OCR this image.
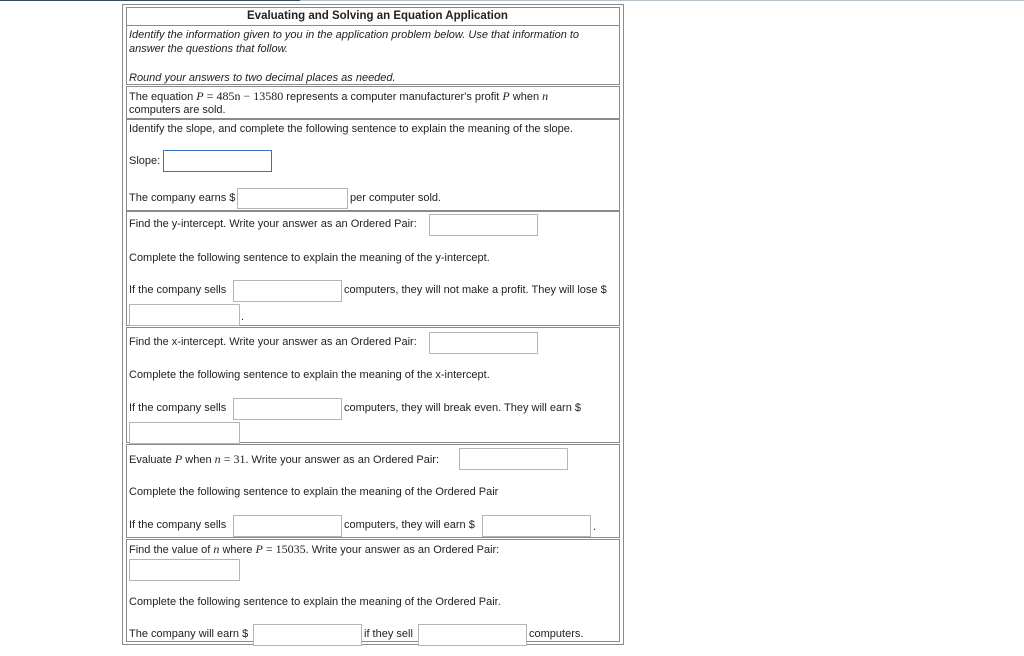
Evaluating and Solving an Equation Application
Identify the information given to you in the application problem below. Use that information to answer the questions that follow.
Round your answers to two decimal places as needed.
The equation P = 485n − 13580 represents a computer manufacturer's profit P when n
computers are sold.
Identify the slope, and complete the following sentence to explain the meaning of the slope.
Slope:
The company earns $	per computer sold.
Find the y-intercept. Write your answer as an Ordered Pair:
Complete the following sentence to explain the meaning of the y-intercept.
If the company sells	computers, they will not make a profit. They will lose $
.
Find the x-intercept. Write your answer as an Ordered Pair:
Complete the following sentence to explain the meaning of the x-intercept.
If the company sells	computers, they will break even. They will earn $
Evaluate P when n = 31. Write your answer as an Ordered Pair:
Complete the following sentence to explain the meaning of the Ordered Pair
If the company sells	computers, they will earn $	.
Find the value of n where P = 15035. Write your answer as an Ordered Pair:
Complete the following sentence to explain the meaning of the Ordered Pair.
The company will earn $	if they sell	computers.
